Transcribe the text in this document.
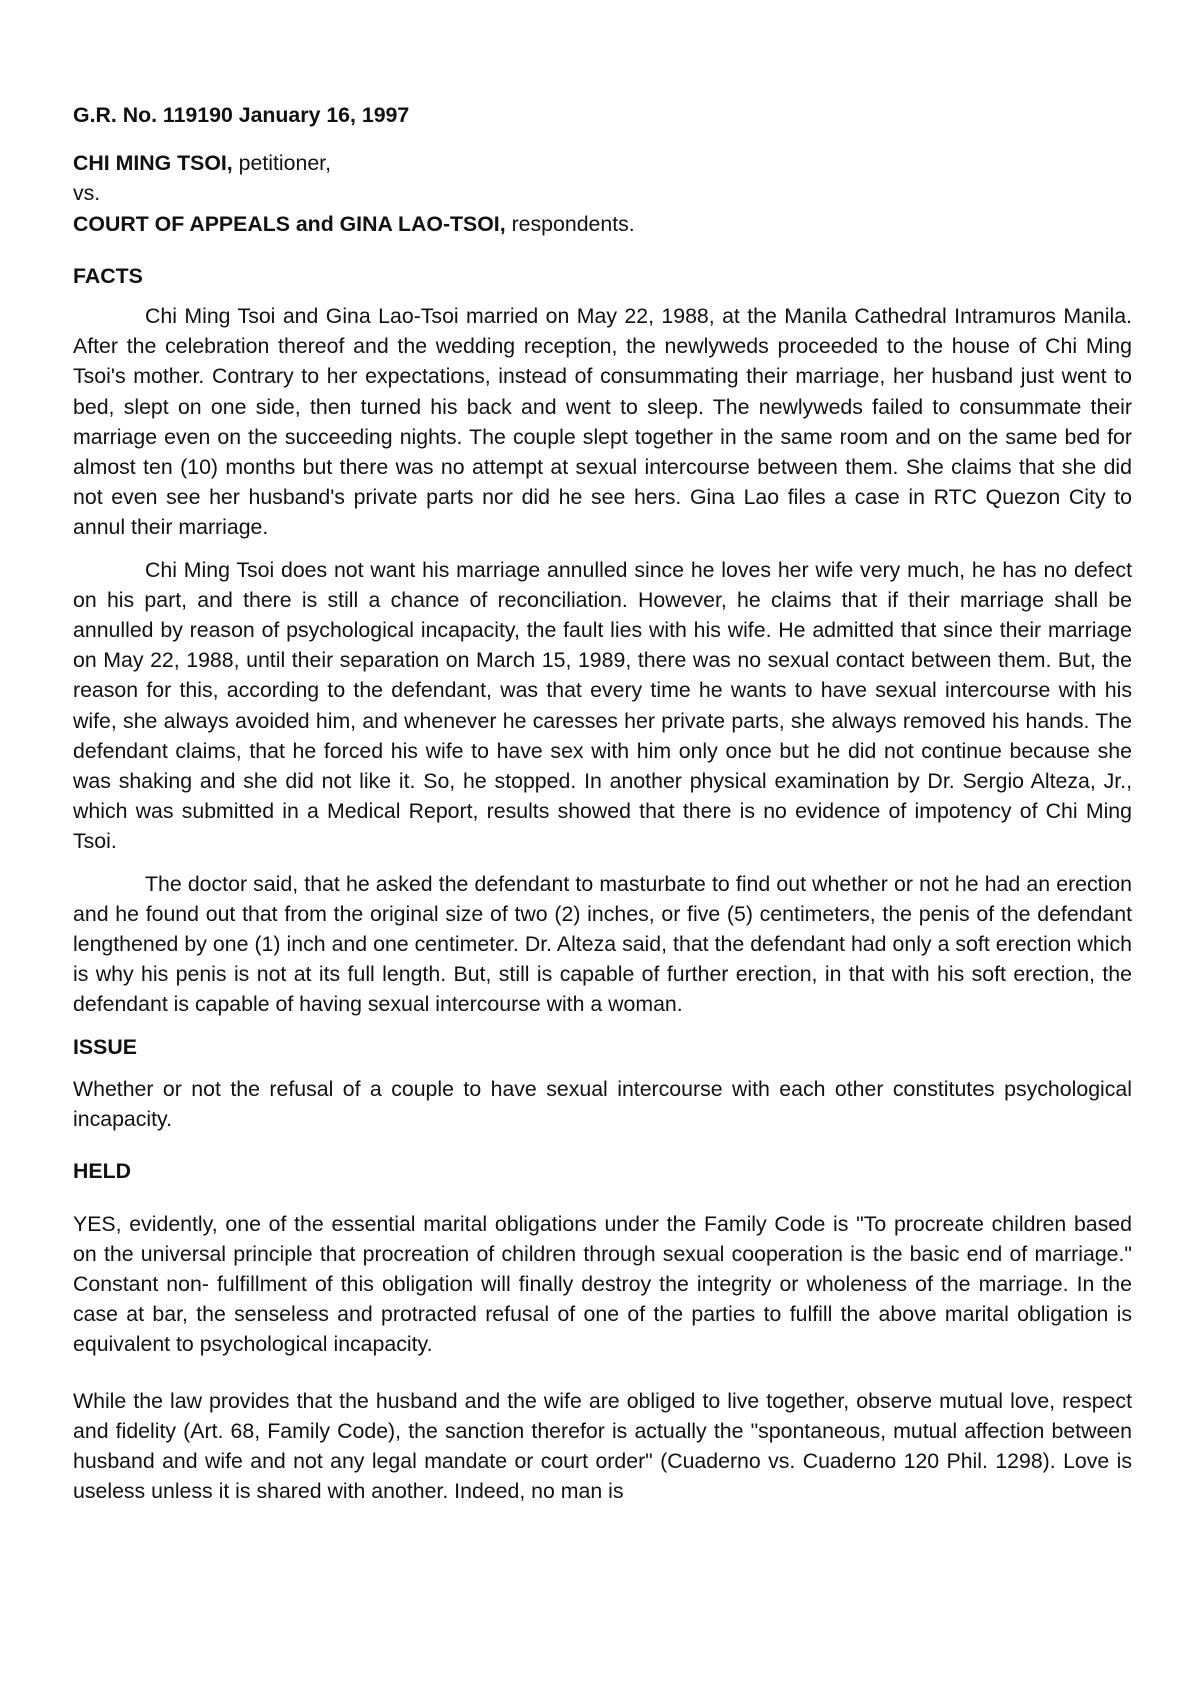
G.R. No. 119190 January 16, 1997
CHI MING TSOI, petitioner,
vs.
COURT OF APPEALS and GINA LAO-TSOI, respondents.
FACTS

Chi Ming Tsoi and Gina Lao-Tsoi married on May 22, 1988, at the Manila Cathedral Intramuros Manila. After the celebration thereof and the wedding reception, the newlyweds proceeded to the house of Chi Ming Tsoi's mother. Contrary to her expectations, instead of consummating their marriage, her husband just went to bed, slept on one side, then turned his back and went to sleep. The newlyweds failed to consummate their marriage even on the succeeding nights. The couple slept together in the same room and on the same bed for almost ten (10) months but there was no attempt at sexual intercourse between them. She claims that she did not even see her husband's private parts nor did he see hers. Gina Lao files a case in RTC Quezon City to annul their marriage.

Chi Ming Tsoi does not want his marriage annulled since he loves her wife very much, he has no defect on his part, and there is still a chance of reconciliation. However, he claims that if their marriage shall be annulled by reason of psychological incapacity, the fault lies with his wife. He admitted that since their marriage on May 22, 1988, until their separation on March 15, 1989, there was no sexual contact between them. But, the reason for this, according to the defendant, was that every time he wants to have sexual intercourse with his wife, she always avoided him, and whenever he caresses her private parts, she always removed his hands. The defendant claims, that he forced his wife to have sex with him only once but he did not continue because she was shaking and she did not like it. So, he stopped. In another physical examination by Dr. Sergio Alteza, Jr., which was submitted in a Medical Report, results showed that there is no evidence of impotency of Chi Ming Tsoi.

The doctor said, that he asked the defendant to masturbate to find out whether or not he had an erection and he found out that from the original size of two (2) inches, or five (5) centimeters, the penis of the defendant lengthened by one (1) inch and one centimeter. Dr. Alteza said, that the defendant had only a soft erection which is why his penis is not at its full length. But, still is capable of further erection, in that with his soft erection, the defendant is capable of having sexual intercourse with a woman.

ISSUE

Whether or not the refusal of a couple to have sexual intercourse with each other constitutes psychological incapacity.

HELD

YES, evidently, one of the essential marital obligations under the Family Code is "To procreate children based on the universal principle that procreation of children through sexual cooperation is the basic end of marriage." Constant non- fulfillment of this obligation will finally destroy the integrity or wholeness of the marriage. In the case at bar, the senseless and protracted refusal of one of the parties to fulfill the above marital obligation is equivalent to psychological incapacity.

While the law provides that the husband and the wife are obliged to live together, observe mutual love, respect and fidelity (Art. 68, Family Code), the sanction therefor is actually the "spontaneous, mutual affection between husband and wife and not any legal mandate or court order" (Cuaderno vs. Cuaderno 120 Phil. 1298). Love is useless unless it is shared with another. Indeed, no man is
